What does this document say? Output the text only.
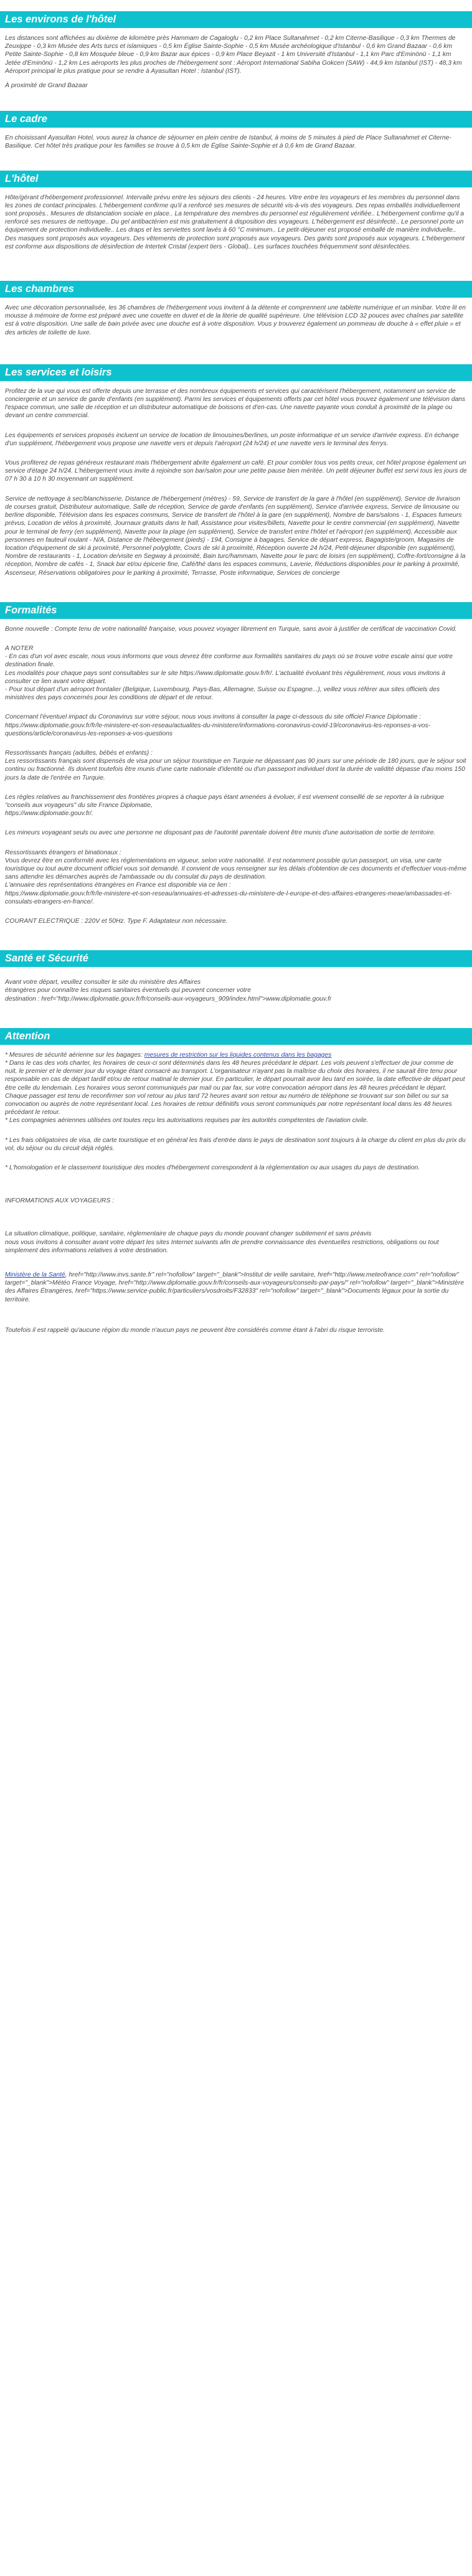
Les environs de l'hôtel

Les distances sont affichées au dixième de kilomètre près Hammam de Cagaloglu - 0,2 km Place Sultanahmet - 0,2 km Citerne-Basilique - 0,3 km Thermes de Zeuxippe - 0,3 km Musée des Arts turcs et islamiques - 0,5 km Église Sainte-Sophie - 0,5 km Musée archéologique d'Istanbul - 0,6 km Grand Bazaar - 0,6 km Petite Sainte-Sophie - 0,8 km Mosquée bleue - 0,9 km Bazar aux épices - 0,9 km Place Beyazit - 1 km Université d'Istanbul - 1,1 km Parc d'Eminönü - 1,1 km Jetée d'Eminönü - 1,2 km Les aéroports les plus proches de l'hébergement sont : Aéroport International Sabiha Gokcen (SAW) - 44,9 km Istanbul (IST) - 48,3 km Aéroport principal le plus pratique pour se rendre à Ayasultan Hotel : Istanbul (IST).

À proximité de Grand Bazaar

Le cadre

En choisissant Ayasultan Hotel, vous aurez la chance de séjourner en plein centre de Istanbul, à moins de 5 minutes à pied de Place Sultanahmet et Citerne-Basilique. Cet hôtel très pratique pour les familles se trouve à 0,5 km de Église Sainte-Sophie et à 0,6 km de Grand Bazaar.

L'hôtel

Hôte/gérant d'hébergement professionnel. Intervalle prévu entre les séjours des clients - 24 heures. Vitre entre les voyageurs et les membres du personnel dans les zones de contact principales. L'hébergement confirme qu'il a renforcé ses mesures de sécurité vis-à-vis des voyageurs. Des repas emballés individuellement sont proposés.. Mesures de distanciation sociale en place.. La température des membres du personnel est régulièrement vérifiée.. L'hébergement confirme qu'il a renforcé ses mesures de nettoyage.. Du gel antibactérien est mis gratuitement à disposition des voyageurs. L'hébergement est désinfecté.. Le personnel porte un équipement de protection individuelle.. Les draps et les serviettes sont lavés à 60 °C minimum.. Le petit-déjeuner est proposé emballé de manière individuelle.. Des masques sont proposés aux voyageurs. Des vêtements de protection sont proposés aux voyageurs. Des gants sont proposés aux voyageurs. L'hébergement est conforme aux dispositions de désinfection de Intertek Cristal (expert tiers - Global).. Les surfaces touchées fréquemment sont désinfectées.

Les chambres

Avec une décoration personnalisée, les 36 chambres de l'hébergement vous invitent à la détente et comprennent une tablette numérique et un minibar. Votre lit en mousse à mémoire de forme est préparé avec une couette en duvet et de la literie de qualité supérieure. Une télévision LCD 32 pouces avec chaînes par satellite est à votre disposition. Une salle de bain privée avec une douche est à votre disposition. Vous y trouverez également un pommeau de douche à « effet pluie » et des articles de toilette de luxe.

Les services et loisirs

Profitez de la vue qui vous est offerte depuis une terrasse et des nombreux équipements et services qui caractérisent l'hébergement, notamment un service de conciergerie et un service de garde d'enfants (en supplément). Parmi les services et équipements offerts par cet hôtel vous trouvez également une télévision dans l'espace commun, une salle de réception et un distributeur automatique de boissons et d'en-cas. Une navette payante vous conduit à proximité de la plage ou devant un centre commercial.

Les équipements et services proposés incluent un service de location de limousines/berlines, un poste informatique et un service d'arrivée express. En échange d'un supplément, l'hébergement vous propose une navette vers et depuis l'aéroport (24 h/24) et une navette vers le terminal des ferrys.

Vous profiterez de repas généreux restaurant mais l'hébergement abrite également un café. Et pour combler tous vos petits creux, cet hôtel propose également un service d'étage 24 h/24. L'hébergement vous invite à rejoindre son bar/salon pour une petite pause bien méritée. Un petit déjeuner buffet est servi tous les jours de 07 h 30 à 10 h 30 moyennant un supplément.

Service de nettoyage à sec/blanchisserie, Distance de l'hébergement (mètres) - 59, Service de transfert de la gare à l'hôtel (en supplément), Service de livraison de courses gratuit, Distributeur automatique, Salle de réception, Service de garde d'enfants (en supplément), Service d'arrivée express, Service de limousine ou berline disponible, Télévision dans les espaces communs, Service de transfert de l'hôtel à la gare (en supplément), Nombre de bars/salons - 1, Espaces fumeurs prévus, Location de vélos à proximité, Journaux gratuits dans le hall, Assistance pour visites/billets, Navette pour le centre commercial (en supplément), Navette pour le terminal de ferry (en supplément), Navette pour la plage (en supplément), Service de transfert entre l'hôtel et l'aéroport (en supplément), Accessible aux personnes en fauteuil roulant - N/A, Distance de l'hébergement (pieds) - 194, Consigne à bagages, Service de départ express, Bagagiste/groom, Magasins de location d'équipement de ski à proximité, Personnel polyglotte, Cours de ski à proximité, Réception ouverte 24 h/24, Petit-déjeuner disponible (en supplément), Nombre de restaurants - 1, Location de/visite en Segway à proximité, Bain turc/hammam, Navette pour le parc de loisirs (en supplément), Coffre-fort/consigne à la réception, Nombre de cafés - 1, Snack bar et/ou épicerie fine, Café/thé dans les espaces communs, Laverie, Réductions disponibles pour le parking à proximité, Ascenseur, Réservations obligatoires pour le parking à proximité, Terrasse, Poste informatique, Services de concierge

Formalités

Bonne nouvelle : Compte tenu de votre nationalité française, vous pouvez voyager librement en Turquie, sans avoir à justifier de certificat de vaccination Covid.

A NOTER
- En cas d'un vol avec escale, nous vous informons que vous devrez être conforme aux formalités sanitaires du pays où se trouve votre escale ainsi que votre destination finale.
Les modalités pour chaque pays sont consultables sur le site https://www.diplomatie.gouv.fr/fr/. L'actualité évoluant très régulièrement, nous vous invitons à consulter ce lien avant votre départ.
- Pour tout départ d'un aéroport frontalier (Belgique, Luxembourg, Pays-Bas, Allemagne, Suisse ou Espagne...), veillez vous référer aux sites officiels des ministères des pays concernés pour les conditions de départ et de retour.

Concernant l'éventuel impact du Coronavirus sur votre séjour, nous vous invitons à consulter la page ci-dessous du site officiel France Diplomatie :
https://www.diplomatie.gouv.fr/fr/le-ministere-et-son-reseau/actualites-du-ministere/informations-coronavirus-covid-19/coronavirus-les-reponses-a-vos-questions/article/coronavirus-les-reponses-a-vos-questions

Ressortissants français (adultes, bébés et enfants) :
Les ressortissants français sont dispensés de visa pour un séjour touristique en Turquie ne dépassant pas 90 jours sur une période de 180 jours, que le séjour soit continu ou fractionné. Ils doivent toutefois être munis d'une carte nationale d'identité ou d'un passeport individuel dont la durée de validité dépasse d'au moins 150 jours la date de l'entrée en Turquie.

Les règles relatives au franchissement des frontières propres à chaque pays étant amenées à évoluer, il est vivement conseillé de se reporter à la rubrique "conseils aux voyageurs" du site France Diplomatie,
https://www.diplomatie.gouv.fr/.

Les mineurs voyageant seuls ou avec une personne ne disposant pas de l'autorité parentale doivent être munis d'une autorisation de sortie de territoire.

Ressortissants étrangers et binationaux :
Vous devrez être en conformité avec les réglementations en vigueur, selon votre nationalité. Il est notamment possible qu'un passeport, un visa, une carte touristique ou tout autre document officiel vous soit demandé. Il convient de vous renseigner sur les délais d'obtention de ces documents et d'effectuer vous-même sans attendre les démarches auprès de l'ambassade ou du consulat du pays de destination.
L'annuaire des représentations étrangères en France est disponible via ce lien :
https://www.diplomatie.gouv.fr/fr/le-ministere-et-son-reseau/annuaires-et-adresses-du-ministere-de-l-europe-et-des-affaires-etrangeres-meae/ambassades-et-consulats-etrangers-en-france/.

COURANT ELECTRIQUE : 220V et 50Hz. Type F. Adaptateur non nécessaire.

Santé et Sécurité

Avant votre départ, veuillez consulter le site du ministère des Affaires
étrangères pour connaître les risques sanitaires éventuels qui peuvent concerner votre
destination : href="http://www.diplomatie.gouv.fr/fr/conseils-aux-voyageurs_909/index.html">www.diplomatie.gouv.fr

Attention

* Mesures de sécurité aérienne sur les bagages: mesures de restriction sur les liquides contenus dans les bagages
* Dans le cas des vols charter, les horaires de ceux-ci sont déterminés dans les 48 heures précédant le départ. Les vols peuvent s'effectuer de jour comme de nuit, le premier et le dernier jour du voyage étant consacré au transport. L'organisateur n'ayant pas la maîtrise du choix des horaires, il ne saurait être tenu pour responsable en cas de départ tardif et/ou de retour matinal le dernier jour. En particulier, le départ pourrait avoir lieu tard en soirée, la date effective de départ peut être celle du lendemain. Les horaires vous seront communiqués par mail ou par fax, sur votre convocation aéroport dans les 48 heures précédant le départ. Chaque passager est tenu de reconfirmer son vol retour au plus tard 72 heures avant son retour au numéro de téléphone se trouvant sur son billet ou sur sa convocation ou auprès de notre représentant local. Les horaires de retour définitifs vous seront communiqués par notre représentant local dans les 48 heures précédant le retour.
* Les compagnies aériennes utilisées ont toutes reçu les autorisations requises par les autorités compétentes de l'aviation civile.

* Les frais obligatoires de visa, de carte touristique et en général les frais d'entrée dans le pays de destination sont toujours à la charge du client en plus du prix du vol, du séjour ou du circuit déjà réglés.

* L'homologation et le classement touristique des modes d'hébergement correspondent à la réglementation ou aux usages du pays de destination.

INFORMATIONS AUX VOYAGEURS :

La situation climatique, politique, sanitaire, réglementaire de chaque pays du monde pouvant changer subitement et sans préavis
nous vous invitons à consulter avant votre départ les sites Internet suivants afin de prendre connaissance des éventuelles restrictions, obligations ou tout simplement des informations relatives à votre destination.

Ministère de la Santé, href="http://www.invs.sante.fr" rel="nofollow" target="_blank">Institut de veille sanitaire, href="http://www.meteofrance.com" rel="nofollow" target="_blank">Météo France Voyage, href="http://www.diplomatie.gouv.fr/fr/conseils-aux-voyageurs/conseils-par-pays/" rel="nofollow" target="_blank">Ministère des Affaires Étrangères, href="https://www.service-public.fr/particuliers/vosdroits/F32833" rel="nofollow" target="_blank">Documents légaux pour la sortie du territoire.

Toutefois il est rappelé qu'aucune région du monde n'aucun pays ne peuvent être considérés comme étant à l'abri du risque terroriste.
